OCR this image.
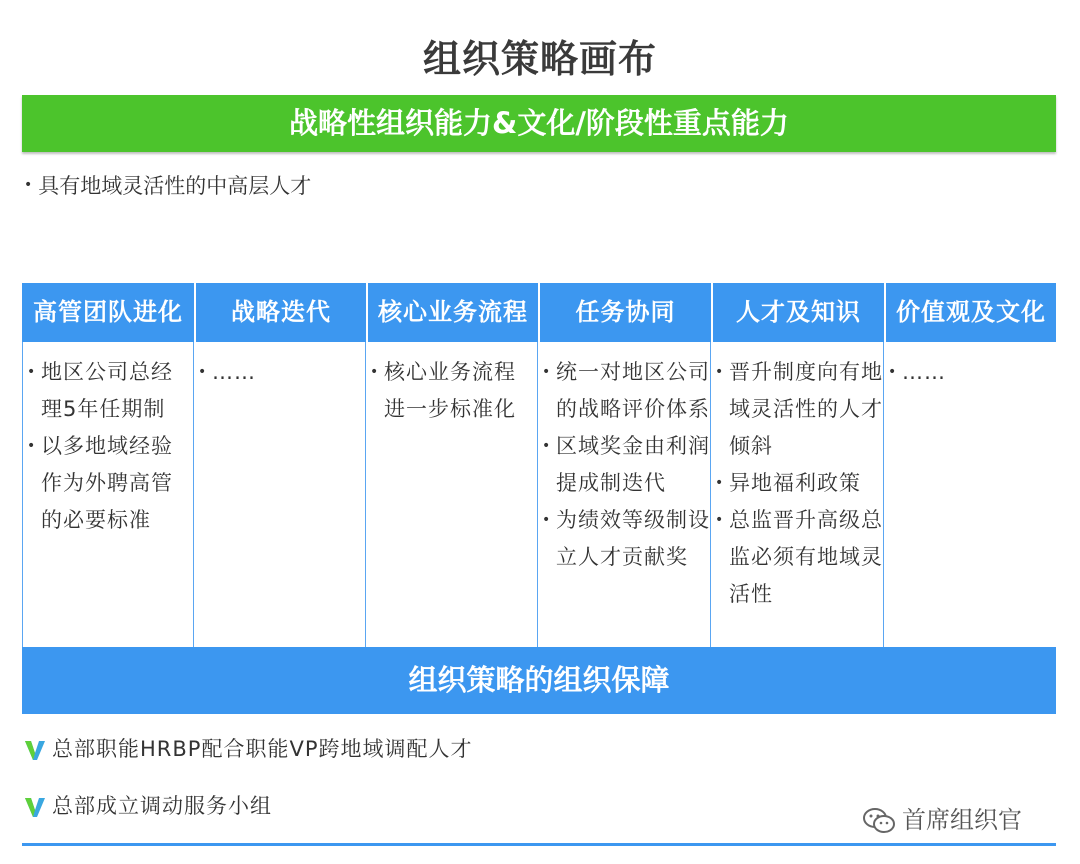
组织策略画布
战略性组织能力&文化/阶段性重点能力
• 具有地域灵活性的中高层人才
高管团队进化
• 地区公司总经理5年任期制
• 以多地域经验作为外聘高管的必要标准
战略迭代
• ……
核心业务流程
• 核心业务流程进一步标准化
任务协同
• 统一对地区公司的战略评价体系
• 区域奖金由利润提成制迭代
• 为绩效等级制设立人才贡献奖
人才及知识
• 晋升制度向有地域灵活性的人才倾斜
• 异地福利政策
• 总监晋升高级总监必须有地域灵活性
价值观及文化
• ……
组织策略的组织保障
总部职能HRBP配合职能VP跨地域调配人才
总部成立调动服务小组	首席组织官
